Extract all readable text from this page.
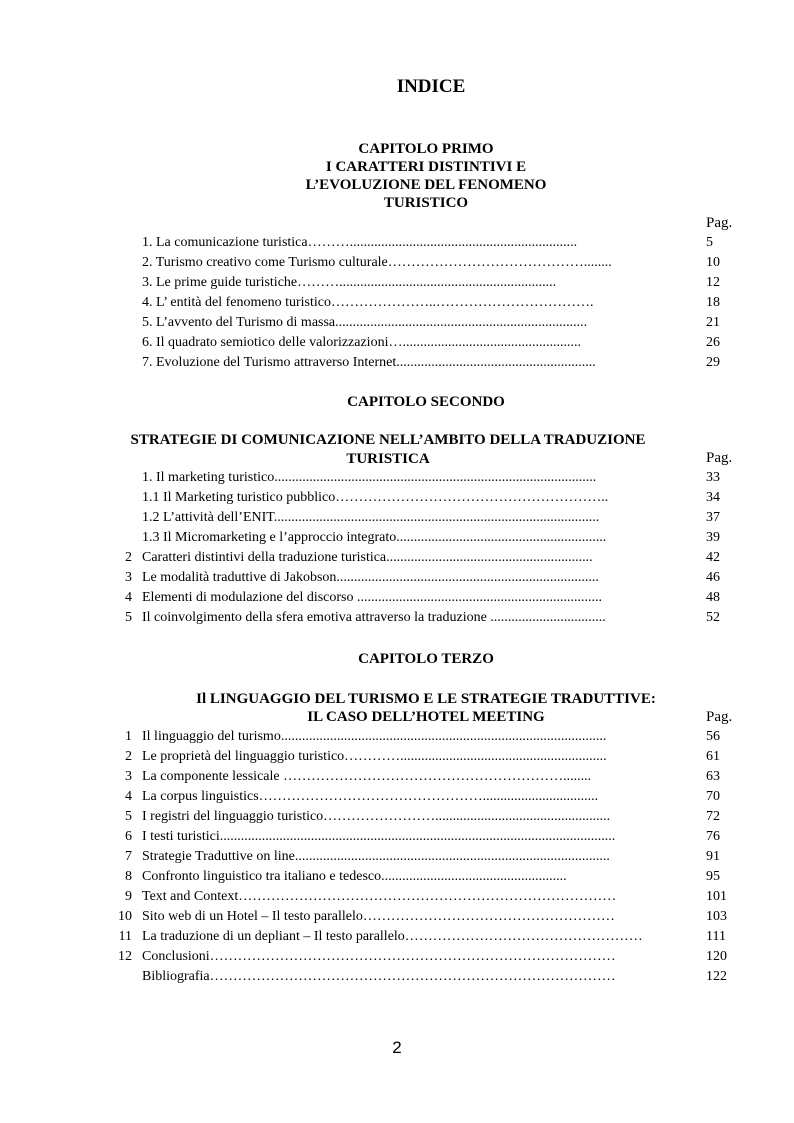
INDICE
CAPITOLO PRIMO
I CARATTERI DISTINTIVI E
L’EVOLUZIONE DEL FENOMENO
TURISTICO
Pag.
1. La comunicazione turistica……….................................................................	5
2. Turismo creativo come Turismo culturale……………………………………........	10
3. Le prime guide turistiche………..............................................................	12
4. L’ entità del fenomeno turistico…………………..…………………………….	18
5. L’avvento del Turismo di massa........................................................................	21
6. Il quadrato semiotico delle valorizzazioni…...................................................	26
7. Evoluzione del Turismo attraverso Internet.........................................................	29
CAPITOLO SECONDO
STRATEGIE DI COMUNICAZIONE NELL’AMBITO DELLA TRADUZIONE
TURISTICA	Pag.
1. Il marketing turistico............................................................................................	33
1.1 Il Marketing turistico pubblico…………………………………………………..	34
1.2 L’attività dell’ENIT.............................................................................................	37
1.3 Il Micromarketing e l’approccio integrato............................................................	39
2 Caratteri distintivi della traduzione turistica...........................................................	42
3 Le modalità traduttive di Jakobson...........................................................................	46
4 Elementi di modulazione del discorso ......................................................................	48
5 Il coinvolgimento della sfera emotiva attraverso la traduzione .................................	52
CAPITOLO TERZO
Il LINGUAGGIO DEL TURISMO E LE STRATEGIE TRADUTTIVE:
IL CASO DELL’HOTEL MEETING	Pag.
1 Il linguaggio del turismo.............................................................................................	56
2 Le proprietà del linguaggio turistico…………...........................................................	61
3 La componente lessicale ……………………………………………………........	63
4 La corpus linguistics………………………………………….................................	70
5 I registri del linguaggio turistico……………………..................................................	72
6 I testi turistici.................................................................................................................	76
7 Strategie Traduttive on line..........................................................................................	91
8 Confronto linguistico tra italiano e tedesco.....................................................	95
9 Text and Context………………………………………………………………………	101
10 Sito web di un Hotel – Il testo parallelo………………………………………………	103
11 La traduzione di un depliant – Il testo parallelo……………………………………………	111
12 Conclusioni……………………………………………………………………………	120
Bibliografia……………………………………………………………………………	122
2
